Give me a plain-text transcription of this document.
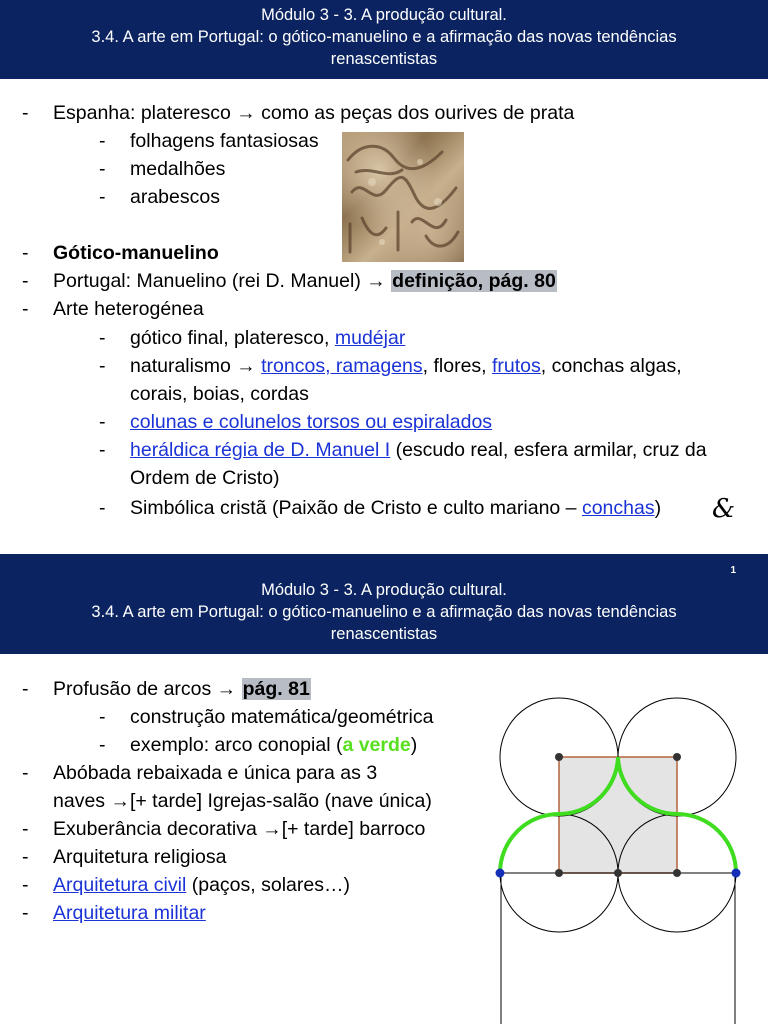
Módulo 3 - 3. A produção cultural.
3.4. A arte em Portugal: o gótico-manuelino e a afirmação das novas tendências
renascentistas
- Espanha: plateresco → como as peças dos ourives de prata
- folhagens fantasiosas
- medalhões
- arabescos
- Gótico-manuelino
- Portugal: Manuelino (rei D. Manuel) → definição, pág. 80
- Arte heterogénea
- gótico final, plateresco, mudéjar
- naturalismo → troncos, ramagens, flores, frutos, conchas algas,
corais, boias, cordas
- colunas e colunelos torsos ou espiralados
- heráldica régia de D. Manuel I (escudo real, esfera armilar, cruz da
Ordem de Cristo)
- Simbólica cristã (Paixão de Cristo e culto mariano – conchas) &
Módulo 3 - 3. A produção cultural.
3.4. A arte em Portugal: o gótico-manuelino e a afirmação das novas tendências
renascentistas
1
- Profusão de arcos → pág. 81
- construção matemática/geométrica
- exemplo: arco conopial (a verde)
- Abóbada rebaixada e única para as 3
naves →[+ tarde] Igrejas-salão (nave única)
- Exuberância decorativa →[+ tarde] barroco
- Arquitetura religiosa
- Arquitetura civil (paços, solares…)
- Arquitetura militar
